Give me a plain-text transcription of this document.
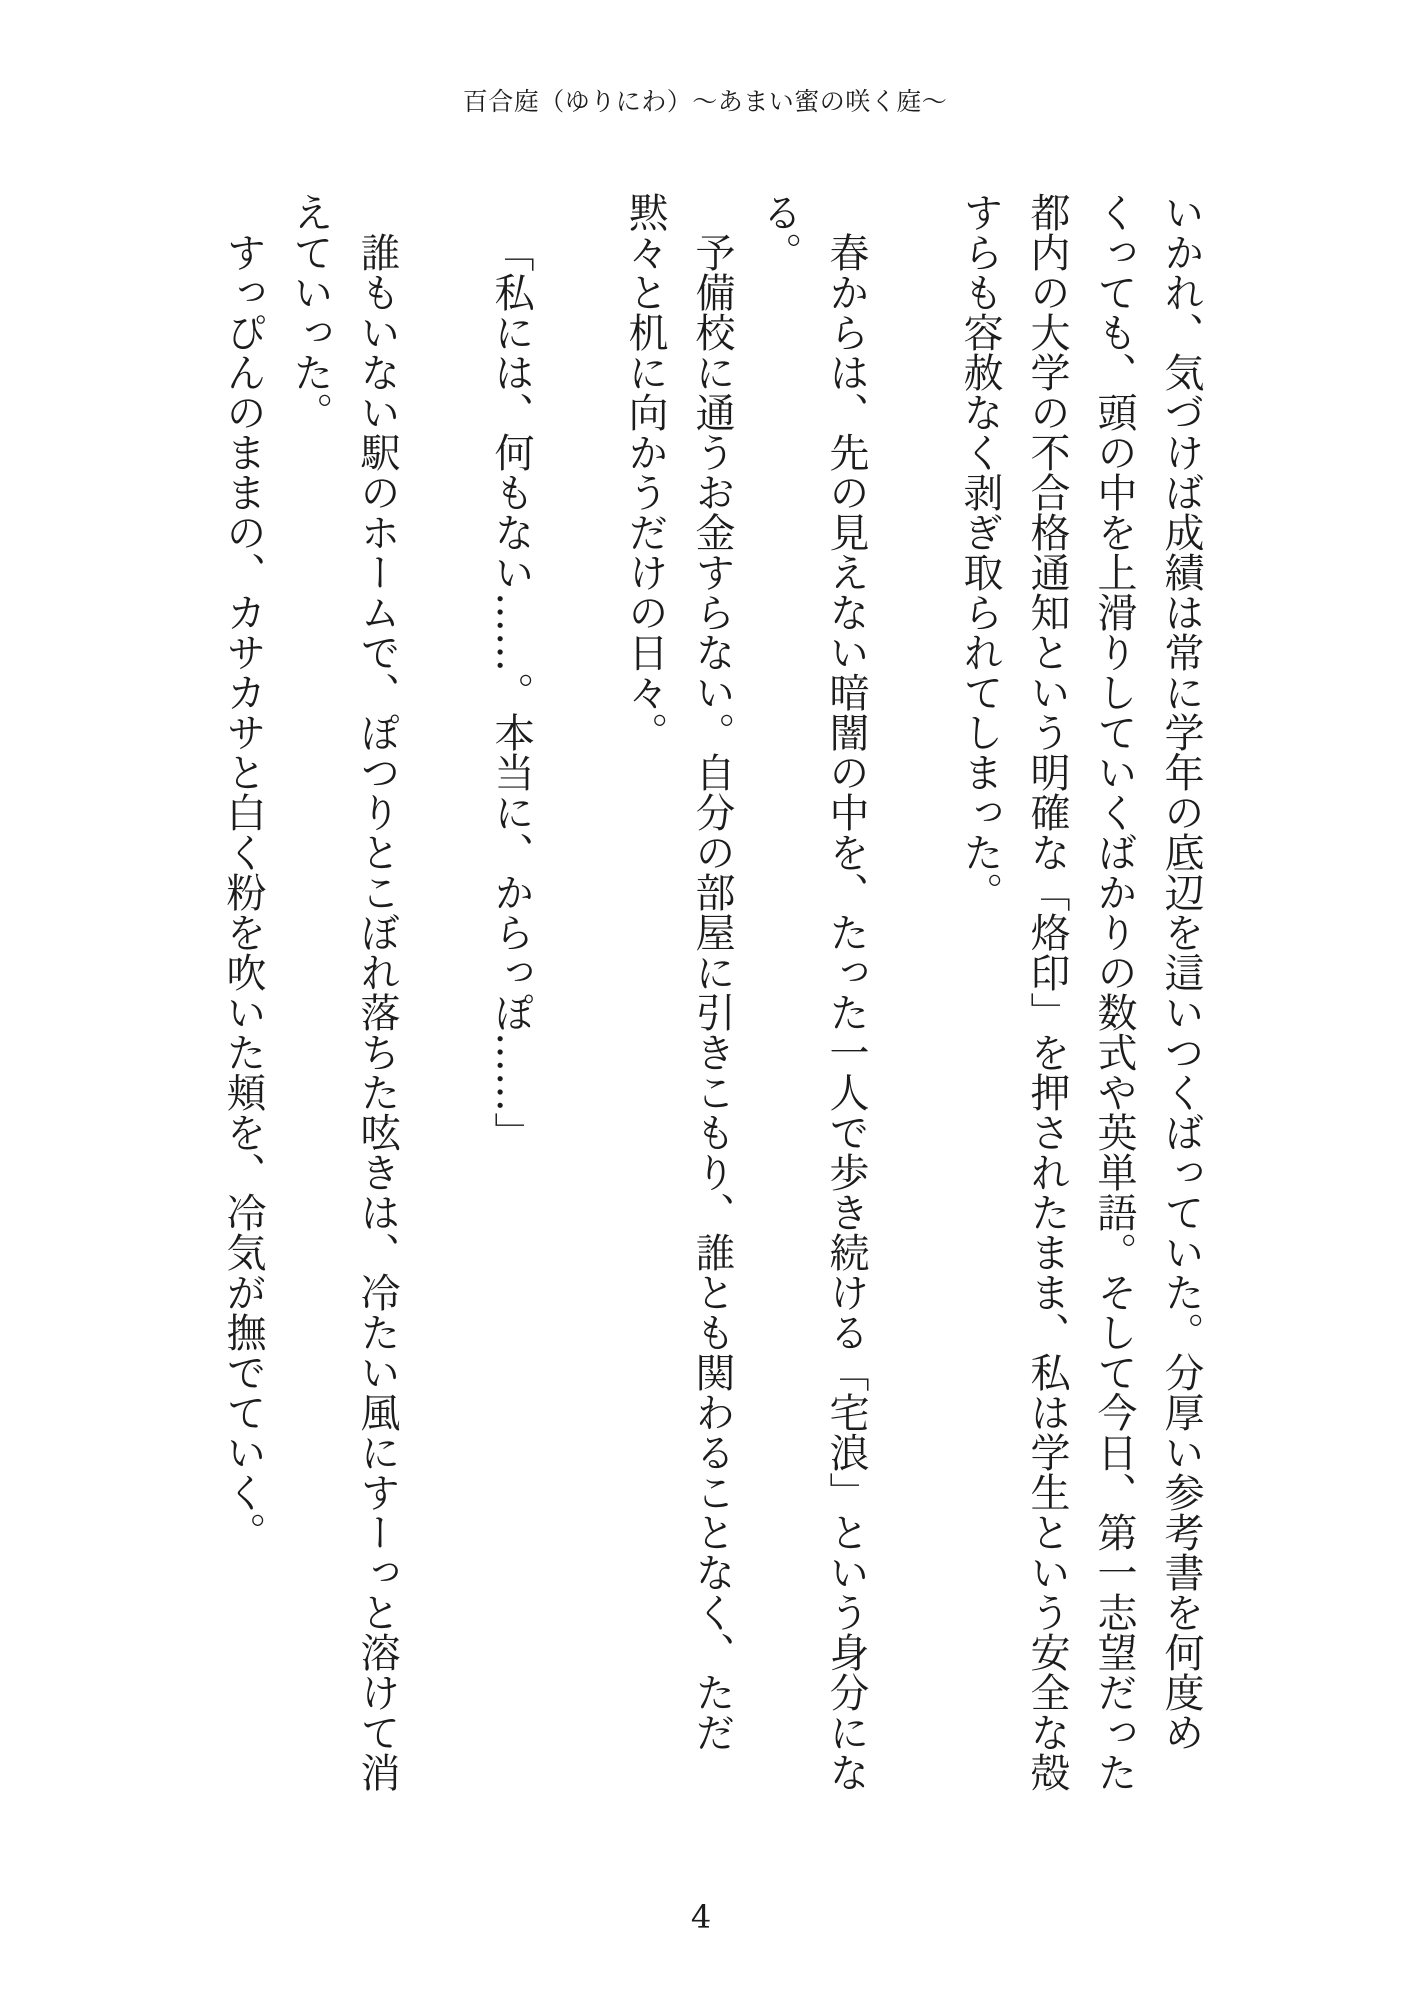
百合庭（ゆりにわ）〜あまい蜜の咲く庭〜

いかれ、気づけば成績は常に学年の底辺を這いつくばっていた。分厚い参考書を何度めくっても、頭の中を上滑りしていくばかりの数式や英単語。そして今日、第一志望だった都内の大学の不合格通知という明確な「烙印」を押されたまま、私は学生という安全な殻すらも容赦なく剥ぎ取られてしまった。

春からは、先の見えない暗闇の中を、たった一人で歩き続ける「宅浪」という身分になる。

予備校に通うお金すらない。自分の部屋に引きこもり、誰とも関わることなく、ただ黙々と机に向かうだけの日々。

「私には、何もない……。本当に、からっぽ……」

誰もいない駅のホームで、ぽつりとこぼれ落ちた呟きは、冷たい風にすーっと溶けて消えていった。

すっぴんのままの、カサカサと白く粉を吹いた頬を、冷気が撫でていく。

4
